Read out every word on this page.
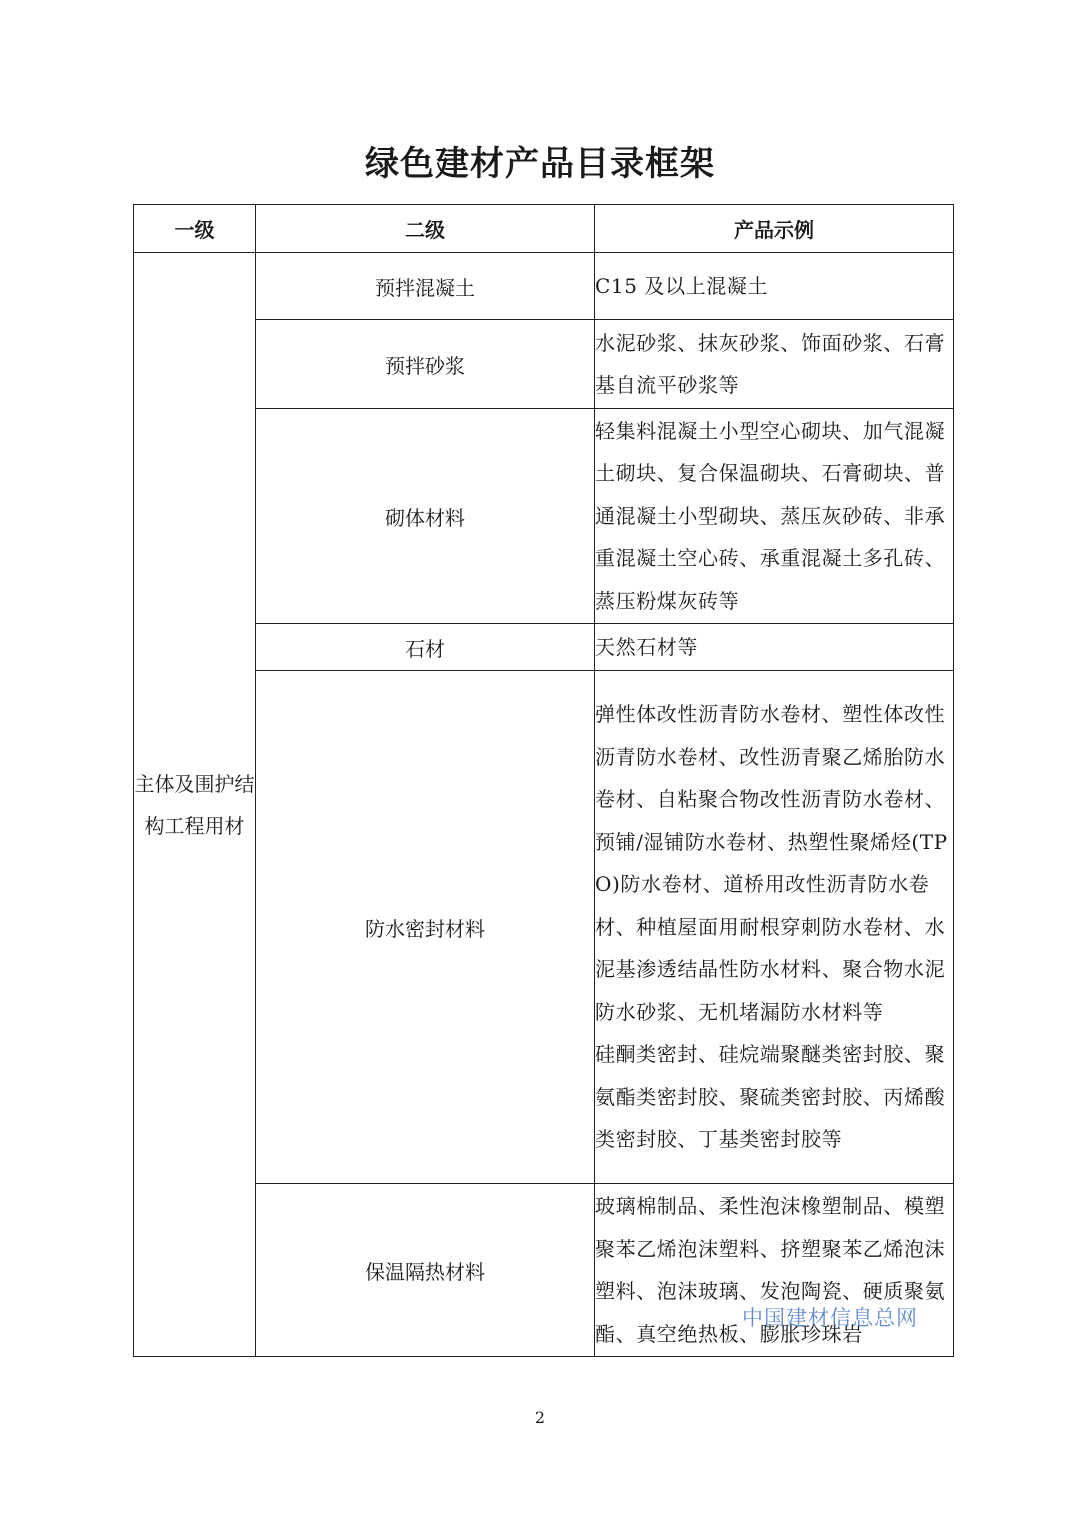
绿色建材产品目录框架
一级	二级	产品示例
主体及围护结构工程用材	预拌混凝土	C15 及以上混凝土

	预拌砂浆	水泥砂浆、抹灰砂浆、饰面砂浆、石膏基自流平砂浆等

	砌体材料	轻集料混凝土小型空心砌块、加气混凝土砌块、复合保温砌块、石膏砌块、普通混凝土小型砌块、蒸压灰砂砖、非承重混凝土空心砖、承重混凝土多孔砖、蒸压粉煤灰砖等

	石材	天然石材等

	防水密封材料	弹性体改性沥青防水卷材、塑性体改性沥青防水卷材、改性沥青聚乙烯胎防水卷材、自粘聚合物改性沥青防水卷材、预铺/湿铺防水卷材、热塑性聚烯烃(TPO)防水卷材、道桥用改性沥青防水卷材、种植屋面用耐根穿刺防水卷材、水泥基渗透结晶性防水材料、聚合物水泥防水砂浆、无机堵漏防水材料等
硅酮类密封、硅烷端聚醚类密封胶、聚氨酯类密封胶、聚硫类密封胶、丙烯酸类密封胶、丁基类密封胶等

	保温隔热材料	玻璃棉制品、柔性泡沫橡塑制品、模塑聚苯乙烯泡沫塑料、挤塑聚苯乙烯泡沫塑料、泡沫玻璃、发泡陶瓷、硬质聚氨酯、真空绝热板、膨胀珍珠岩
中国建材信息总网
2
